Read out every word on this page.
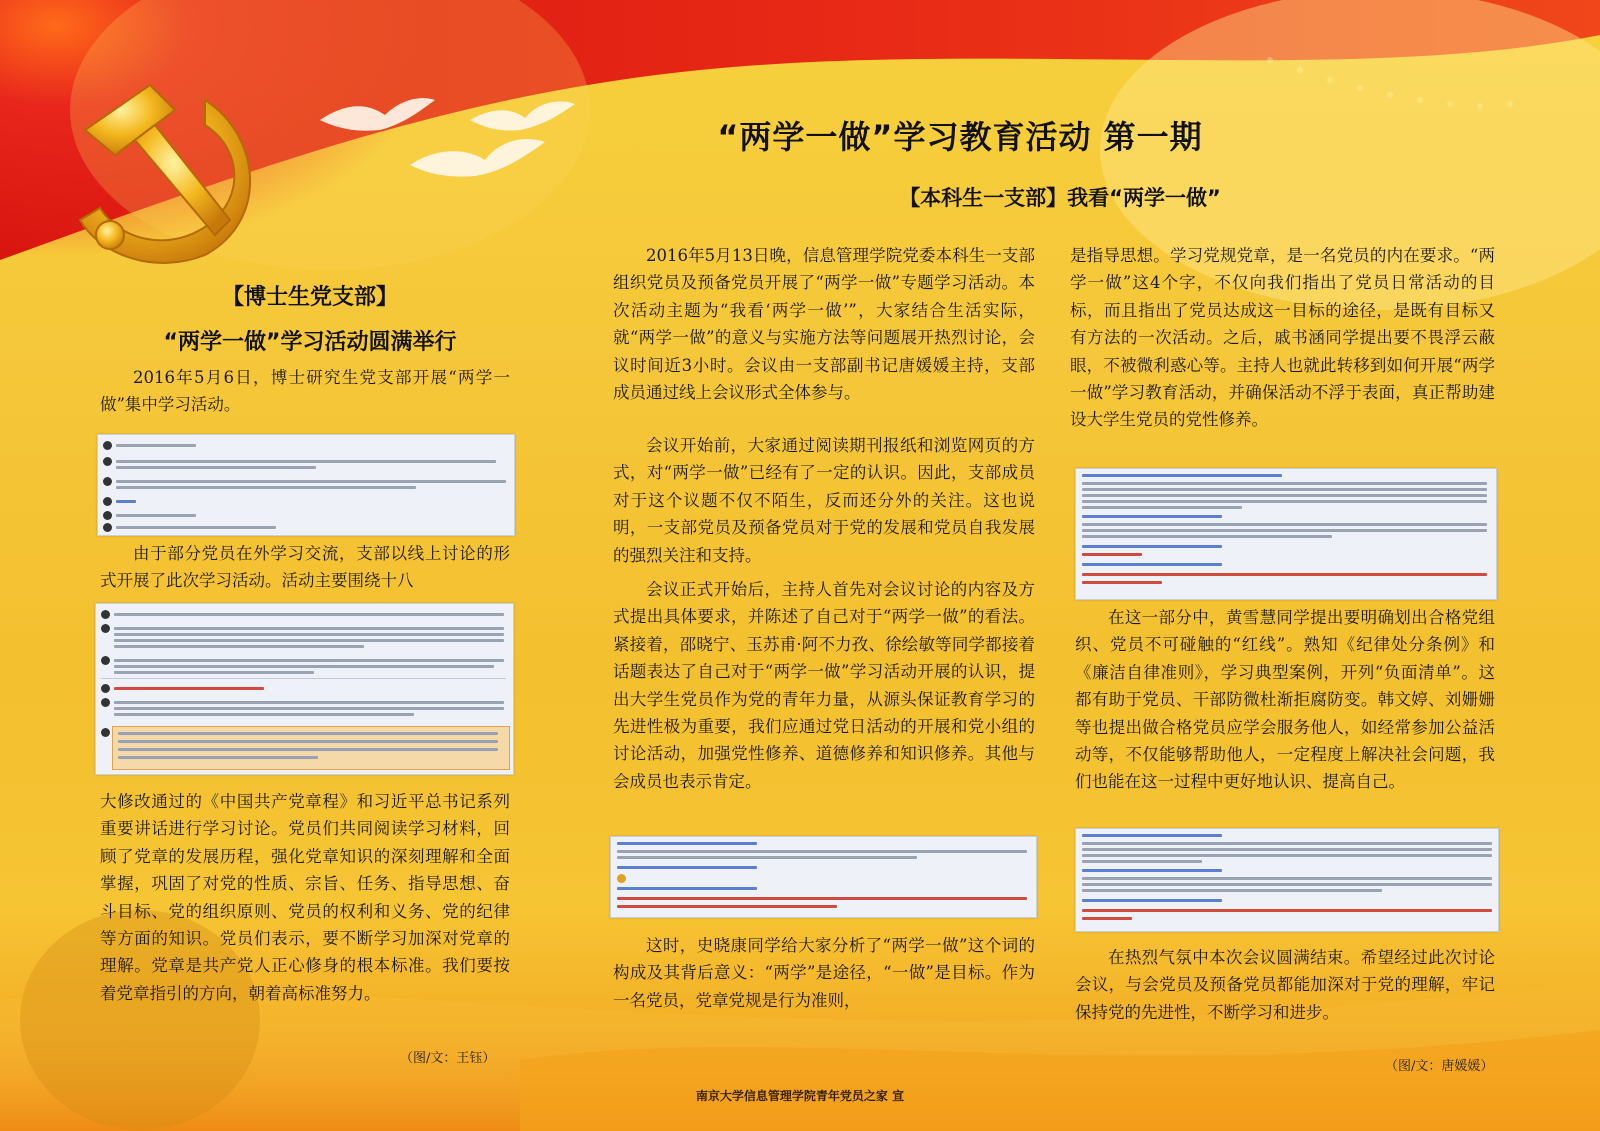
“两学一做”学习教育活动 第一期
【本科生一支部】我看“两学一做”
【博士生党支部】
“两学一做”学习活动圆满举行

2016年5月6日，博士研究生党支部开展“两学一做”集中学习活动。

由于部分党员在外学习交流，支部以线上讨论的形式开展了此次学习活动。活动主要围绕十八

大修改通过的《中国共产党章程》和习近平总书记系列重要讲话进行学习讨论。党员们共同阅读学习材料，回顾了党章的发展历程，强化党章知识的深刻理解和全面掌握，巩固了对党的性质、宗旨、任务、指导思想、奋斗目标、党的组织原则、党员的权利和义务、党的纪律等方面的知识。党员们表示，要不断学习加深对党章的理解。党章是共产党人正心修身的根本标准。我们要按着党章指引的方向，朝着高标准努力。

（图/文：王钰）

2016年5月13日晚，信息管理学院党委本科生一支部组织党员及预备党员开展了“两学一做”专题学习活动。本次活动主题为“我看‘两学一做’”，大家结合生活实际，就“两学一做”的意义与实施方法等问题展开热烈讨论，会议时间近3小时。会议由一支部副书记唐媛媛主持，支部成员通过线上会议形式全体参与。

会议开始前，大家通过阅读期刊报纸和浏览网页的方式，对“两学一做”已经有了一定的认识。因此，支部成员对于这个议题不仅不陌生，反而还分外的关注。这也说明，一支部党员及预备党员对于党的发展和党员自我发展的强烈关注和支持。

会议正式开始后，主持人首先对会议讨论的内容及方式提出具体要求，并陈述了自己对于“两学一做”的看法。紧接着，邵晓宁、玉苏甫·阿不力孜、徐绘敏等同学都接着话题表达了自己对于“两学一做”学习活动开展的认识，提出大学生党员作为党的青年力量，从源头保证教育学习的先进性极为重要，我们应通过党日活动的开展和党小组的讨论活动，加强党性修养、道德修养和知识修养。其他与会成员也表示肯定。

这时，史晓康同学给大家分析了“两学一做”这个词的构成及其背后意义：“两学”是途径，“一做”是目标。作为一名党员，党章党规是行为准则，

是指导思想。学习党规党章，是一名党员的内在要求。“两学一做”这4个字，不仅向我们指出了党员日常活动的目标，而且指出了党员达成这一目标的途径，是既有目标又有方法的一次活动。之后，戚书涵同学提出要不畏浮云蔽眼，不被微利惑心等。主持人也就此转移到如何开展“两学一做”学习教育活动，并确保活动不浮于表面，真正帮助建设大学生党员的党性修养。

在这一部分中，黄雪慧同学提出要明确划出合格党组织、党员不可碰触的“红线”。熟知《纪律处分条例》和《廉洁自律准则》，学习典型案例，开列“负面清单”。这都有助于党员、干部防微杜渐拒腐防变。韩文婷、刘姗姗等也提出做合格党员应学会服务他人，如经常参加公益活动等，不仅能够帮助他人，一定程度上解决社会问题，我们也能在这一过程中更好地认识、提高自己。

在热烈气氛中本次会议圆满结束。希望经过此次讨论会议，与会党员及预备党员都能加深对于党的理解，牢记保持党的先进性，不断学习和进步。

（图/文：唐媛媛）

南京大学信息管理学院青年党员之家 宣
